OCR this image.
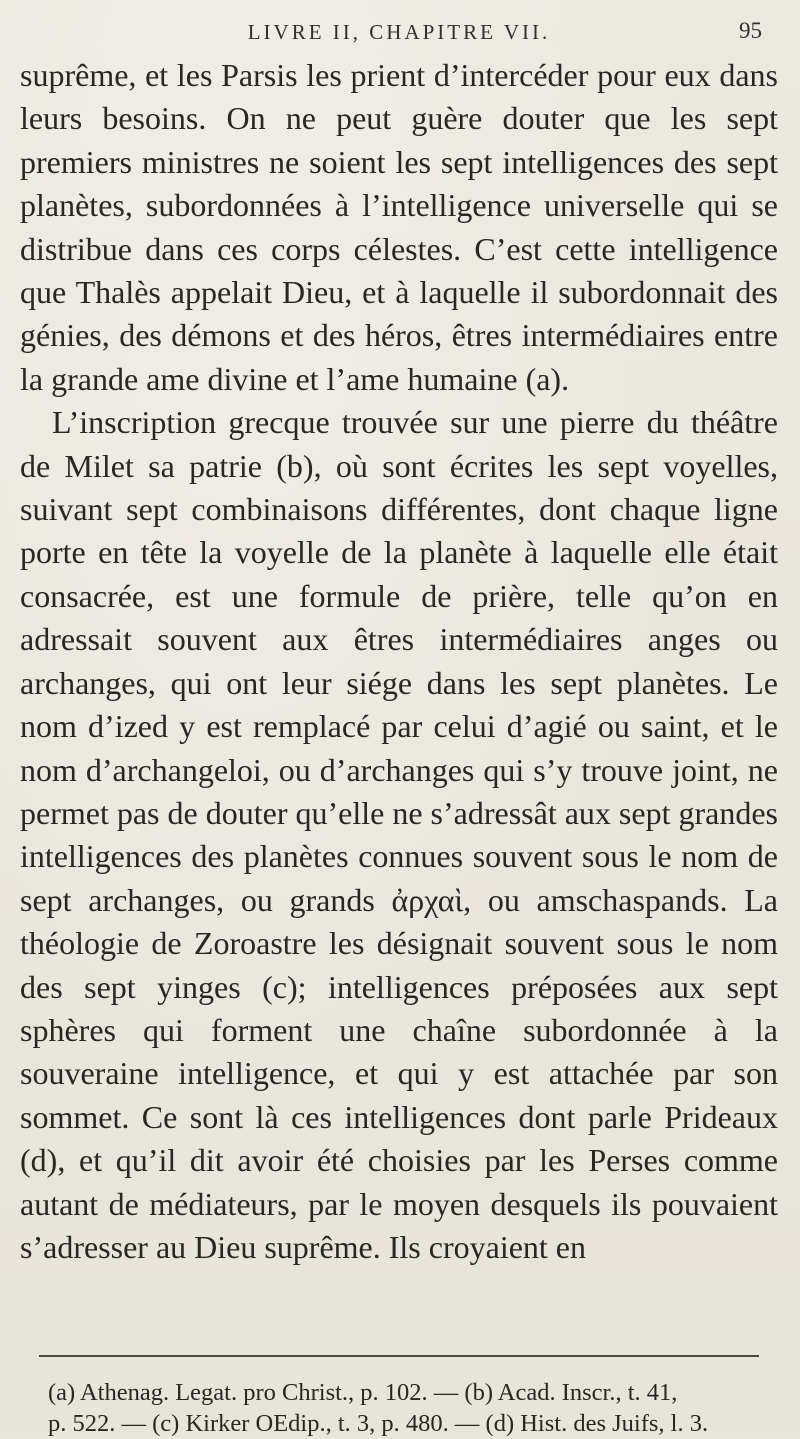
LIVRE II, CHAPITRE VII.	95

suprême, et les Parsis les prient d’intercéder pour eux dans leurs besoins. On ne peut guère douter que les sept premiers ministres ne soient les sept intelligences des sept planètes, subordonnées à l’intelligence universelle qui se distribue dans ces corps célestes. C’est cette intelligence que Thalès appelait Dieu, et à laquelle il subordonnait des génies, des démons et des héros, êtres intermédiaires entre la grande ame divine et l’ame humaine (a).

L’inscription grecque trouvée sur une pierre du théâtre de Milet sa patrie (b), où sont écrites les sept voyelles, suivant sept combinaisons différentes, dont chaque ligne porte en tête la voyelle de la planète à laquelle elle était consacrée, est une formule de prière, telle qu’on en adressait souvent aux êtres intermédiaires anges ou archanges, qui ont leur siége dans les sept planètes. Le nom d’ized y est remplacé par celui d’agié ou saint, et le nom d’archangeloi, ou d’archanges qui s’y trouve joint, ne permet pas de douter qu’elle ne s’adressât aux sept grandes intelligences des planètes connues souvent sous le nom de sept archanges, ou grands ἀρχαὶ, ou amschaspands. La théologie de Zoroastre les désignait souvent sous le nom des sept yinges (c); intelligences préposées aux sept sphères qui forment une chaîne subordonnée à la souveraine intelligence, et qui y est attachée par son sommet. Ce sont là ces intelligences dont parle Prideaux (d), et qu’il dit avoir été choisies par les Perses comme autant de médiateurs, par le moyen desquels ils pouvaient s’adresser au Dieu suprême. Ils croyaient en

(a) Athenag. Legat. pro Christ., p. 102. — (b) Acad. Inscr., t. 41,

p. 522. — (c) Kirker OEdip., t. 3, p. 480. — (d) Hist. des Juifs, l. 3.
